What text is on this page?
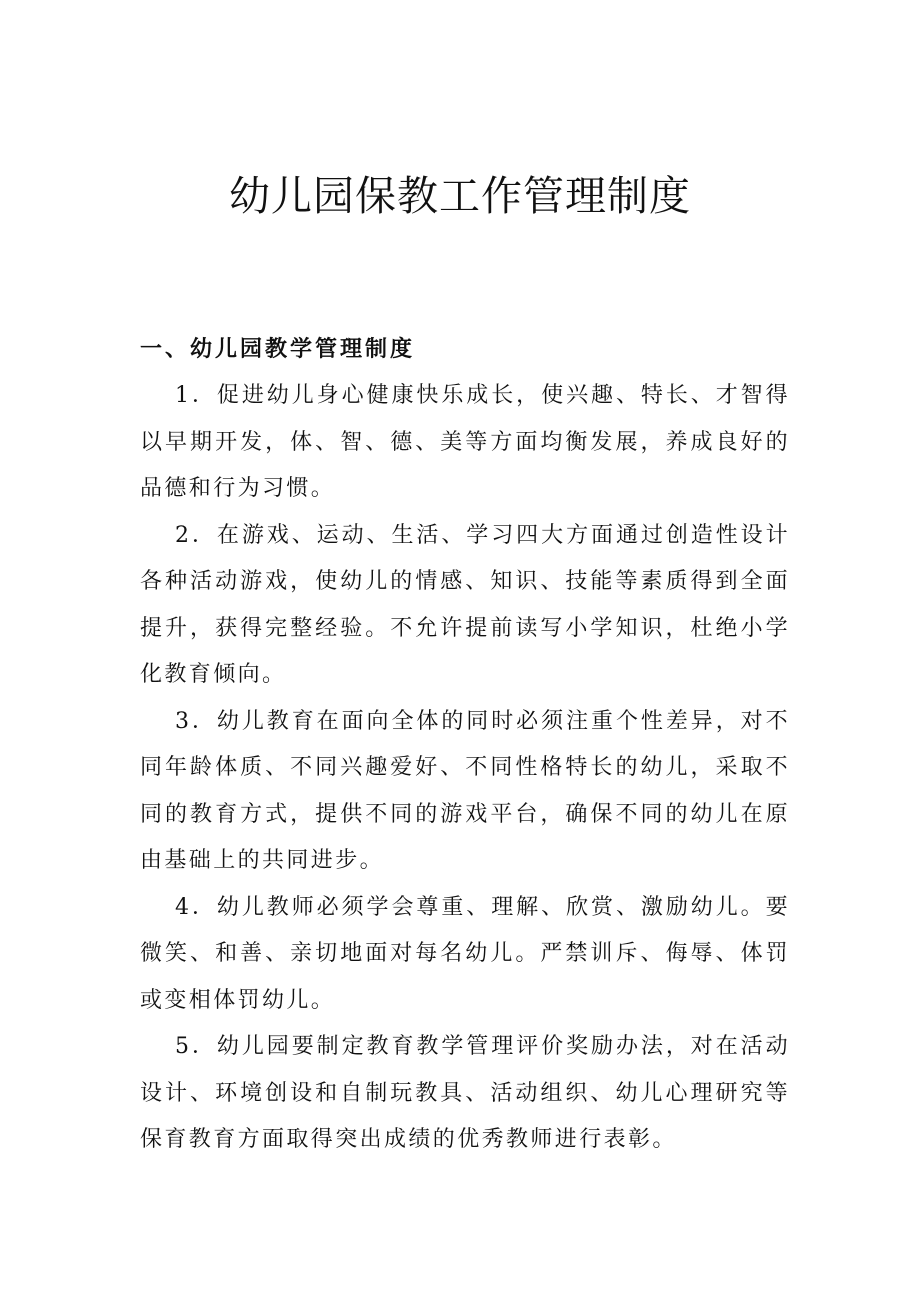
幼儿园保教工作管理制度
一、幼儿园教学管理制度

1．促进幼儿身心健康快乐成长，使兴趣、特长、才智得以早期开发，体、智、德、美等方面均衡发展，养成良好的品德和行为习惯。

2．在游戏、运动、生活、学习四大方面通过创造性设计各种活动游戏，使幼儿的情感、知识、技能等素质得到全面提升，获得完整经验。不允许提前读写小学知识，杜绝小学化教育倾向。

3．幼儿教育在面向全体的同时必须注重个性差异，对不同年龄体质、不同兴趣爱好、不同性格特长的幼儿，采取不同的教育方式，提供不同的游戏平台，确保不同的幼儿在原由基础上的共同进步。

4．幼儿教师必须学会尊重、理解、欣赏、激励幼儿。要微笑、和善、亲切地面对每名幼儿。严禁训斥、侮辱、体罚或变相体罚幼儿。

5．幼儿园要制定教育教学管理评价奖励办法，对在活动设计、环境创设和自制玩教具、活动组织、幼儿心理研究等保育教育方面取得突出成绩的优秀教师进行表彰。
